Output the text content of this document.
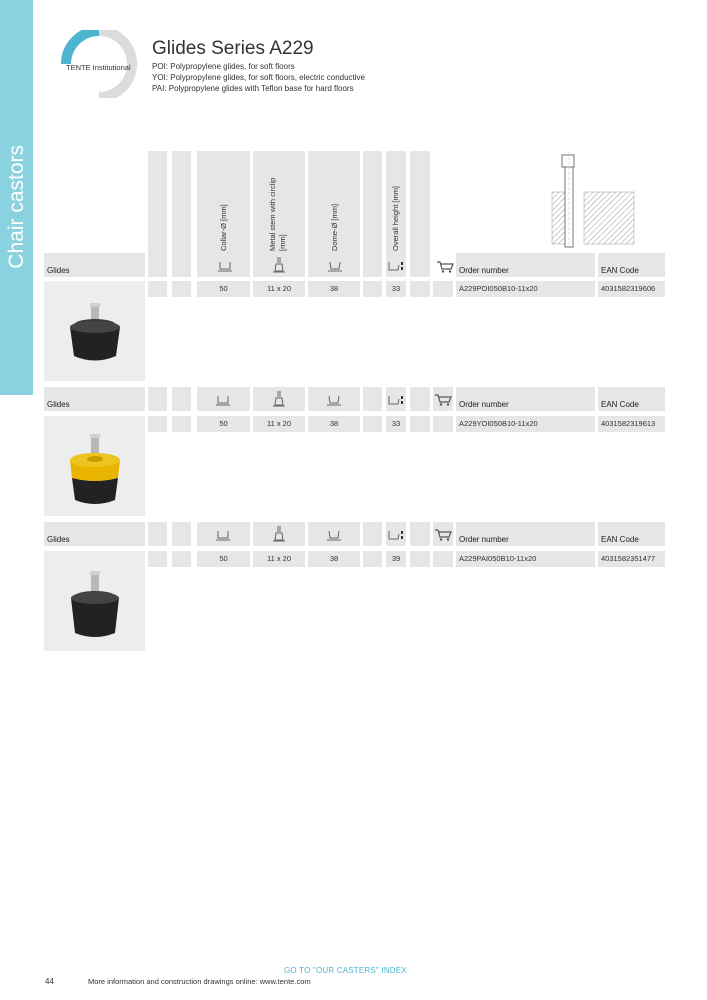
Chair castors
TENTE Institutional
Glides Series A229
POI: Polypropylene glides, for soft floors
YOI: Polypropylene glides, for soft floors, electric conductive
PAI: Polypropylene glides with Teflon base for hard floors
Collar-Ø [mm]	Metal stem with circlip [mm]	Dome-Ø [mm]	Overall height [mm]
Glides	Order number	EAN Code
50	11 x 20	38	33	A229POI050B10-11x20	4031582319606
Glides	Order number	EAN Code
50	11 x 20	38	33	A229YOI050B10-11x20	4031582319613
Glides	Order number	EAN Code
50	11 x 20	38	39	A229PAI050B10-11x20	4031582351477
GO TO "OUR CASTERS" INDEX
44	More information and construction drawings online: www.tente.com
